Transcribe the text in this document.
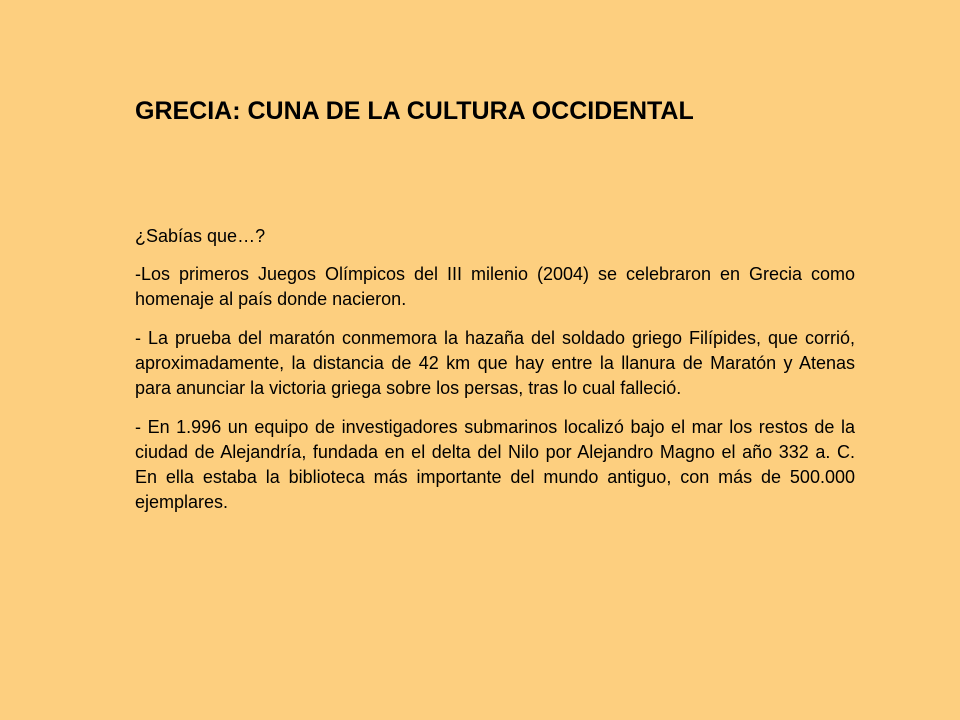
GRECIA: CUNA DE LA CULTURA OCCIDENTAL

¿Sabías que…?

-Los primeros Juegos Olímpicos del III milenio (2004) se celebraron en Grecia como homenaje al país donde nacieron.

- La prueba del maratón conmemora la hazaña del soldado griego Filípides, que corrió, aproximadamente, la distancia de 42 km que hay entre la llanura de Maratón y Atenas para anunciar la victoria griega sobre los persas, tras lo cual falleció.

- En 1.996 un equipo de investigadores submarinos localizó bajo el mar los restos de la ciudad de Alejandría, fundada en el delta del Nilo por Alejandro Magno el año 332 a. C. En ella estaba la biblioteca más importante del mundo antiguo, con más de 500.000 ejemplares.
